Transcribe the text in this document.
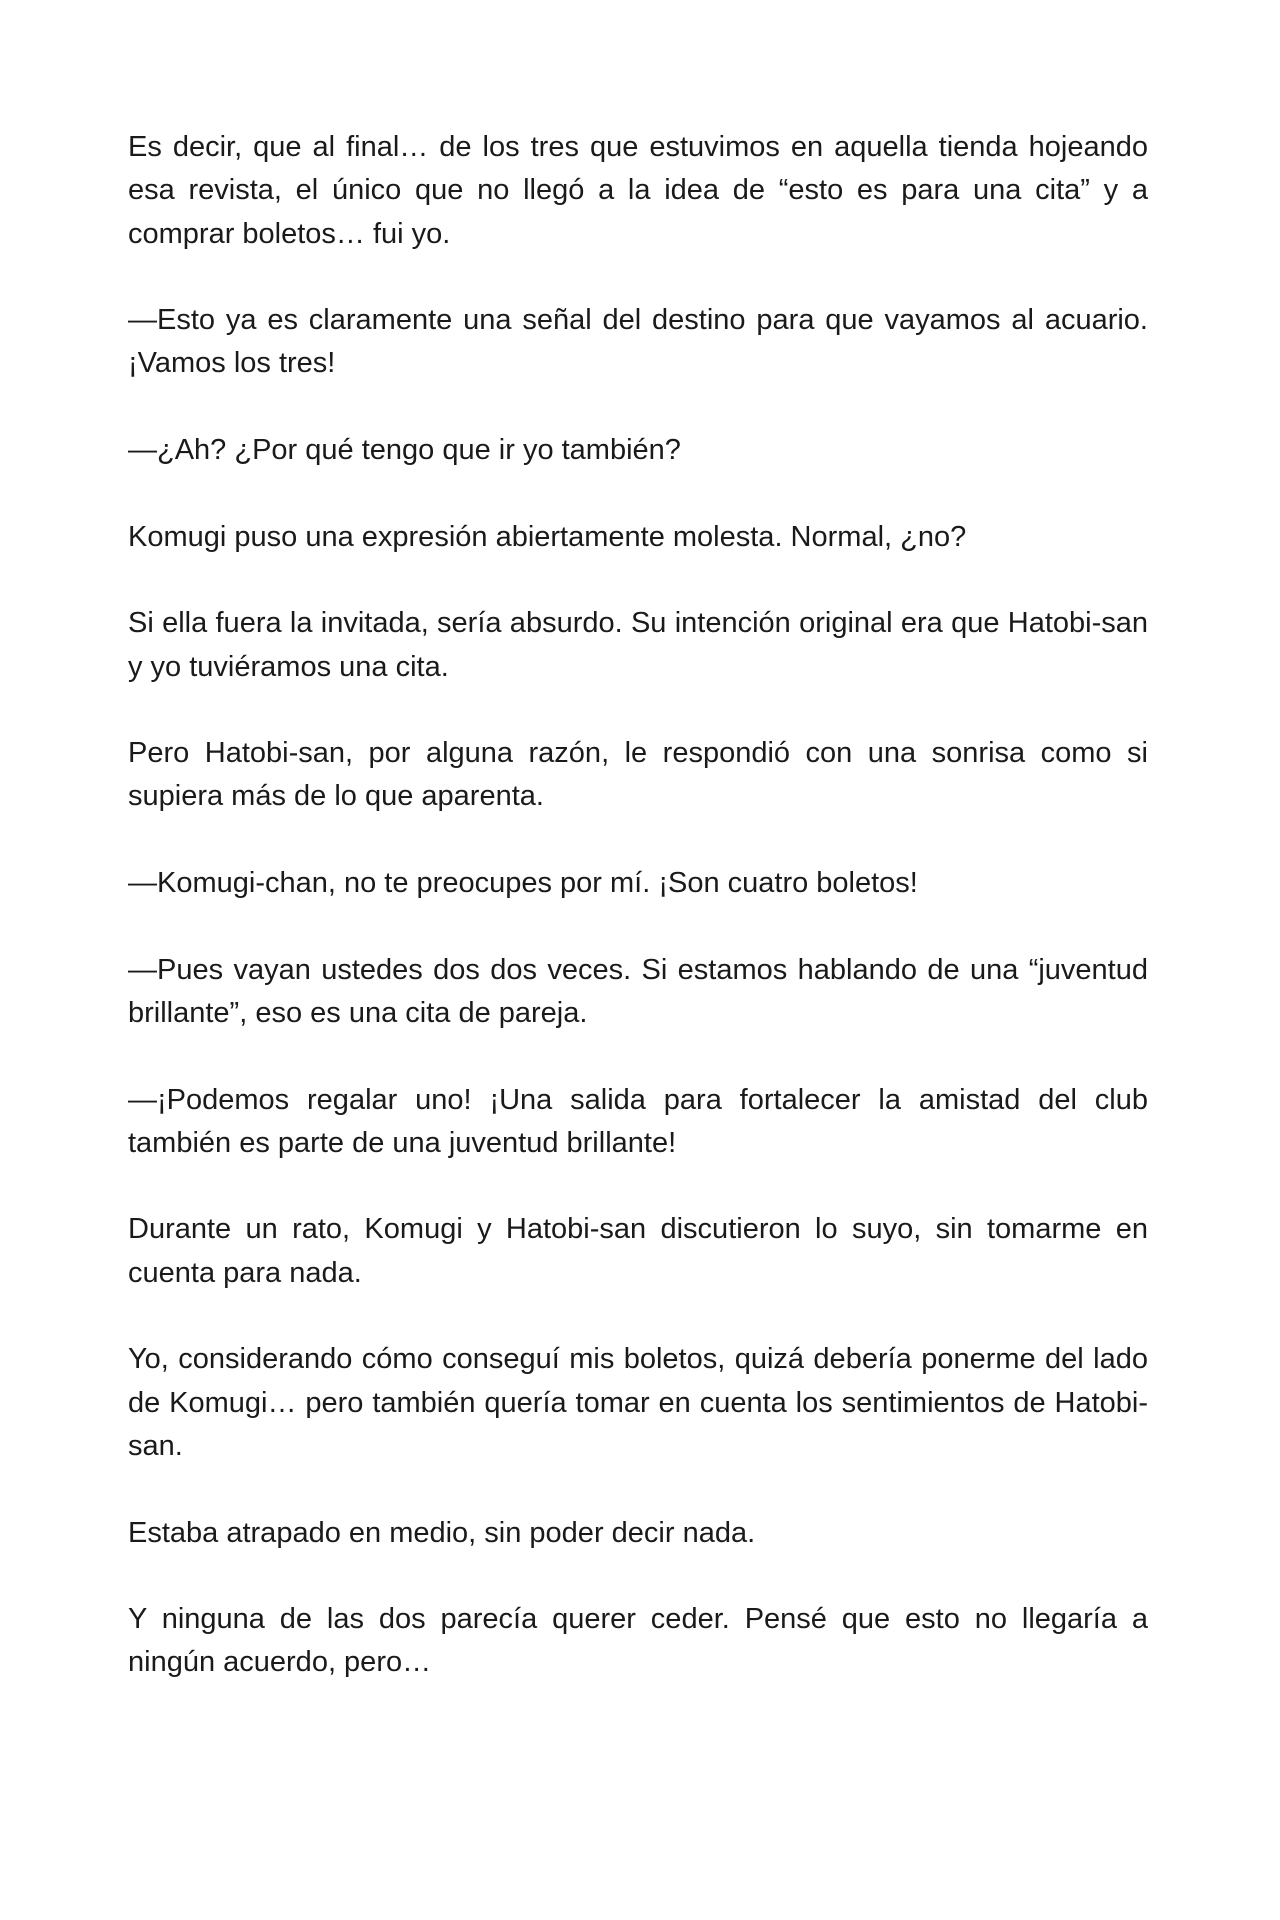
Es decir, que al final… de los tres que estuvimos en aquella tienda hojeando esa revista, el único que no llegó a la idea de “esto es para una cita” y a comprar boletos… fui yo.

—Esto ya es claramente una señal del destino para que vayamos al acuario. ¡Vamos los tres!

—¿Ah? ¿Por qué tengo que ir yo también?

Komugi puso una expresión abiertamente molesta. Normal, ¿no?

Si ella fuera la invitada, sería absurdo. Su intención original era que Hatobi-san y yo tuviéramos una cita.

Pero Hatobi-san, por alguna razón, le respondió con una sonrisa como si supiera más de lo que aparenta.

—Komugi-chan, no te preocupes por mí. ¡Son cuatro boletos!

—Pues vayan ustedes dos dos veces. Si estamos hablando de una “juventud brillante”, eso es una cita de pareja.

—¡Podemos regalar uno! ¡Una salida para fortalecer la amistad del club también es parte de una juventud brillante!

Durante un rato, Komugi y Hatobi-san discutieron lo suyo, sin tomarme en cuenta para nada.

Yo, considerando cómo conseguí mis boletos, quizá debería ponerme del lado de Komugi… pero también quería tomar en cuenta los sentimientos de Hatobi-san.

Estaba atrapado en medio, sin poder decir nada.

Y ninguna de las dos parecía querer ceder. Pensé que esto no llegaría a ningún acuerdo, pero…
